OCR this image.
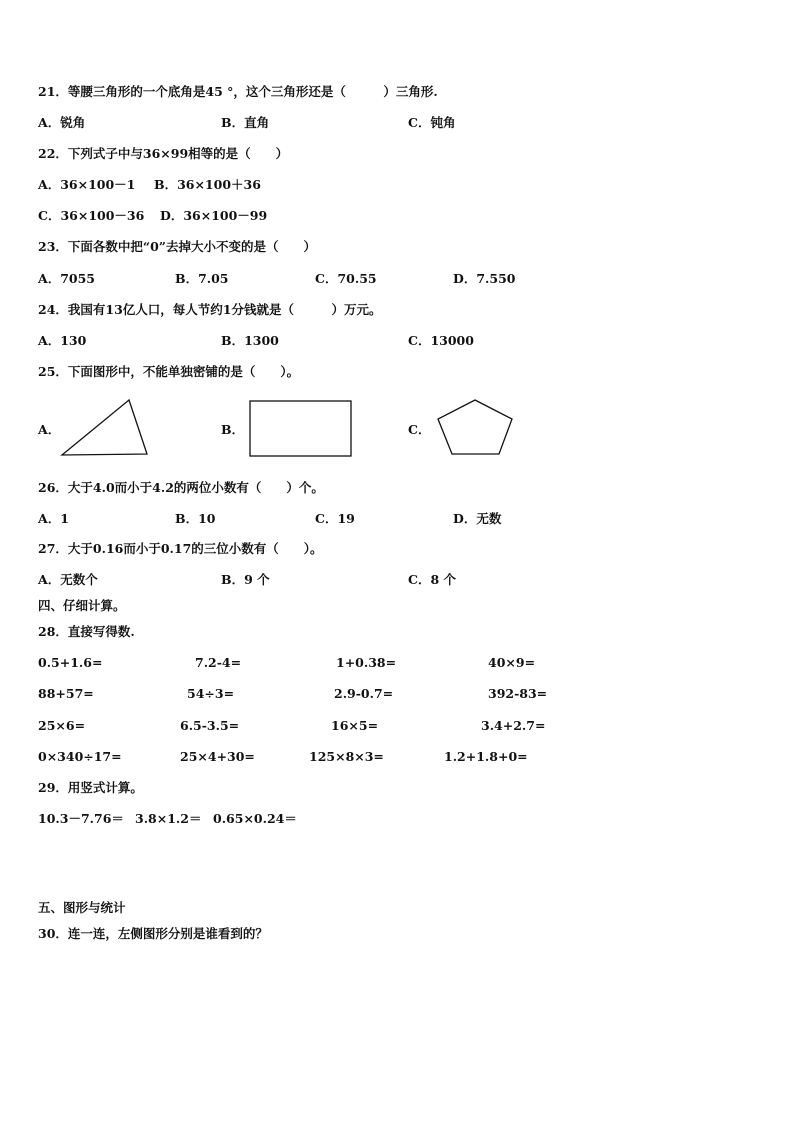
21．等腰三角形的一个底角是45 °，这个三角形还是（　　　）三角形.
A．锐角	B．直角	C．钝角
22．下列式子中与36×99相等的是（　　）
A．36×100－1 B．36×100＋36
C．36×100－36 D．36×100－99
23．下面各数中把“0”去掉大小不变的是（　　）
A．7055	B．7.05	C．70.55	D．7.550
24．我国有13亿人口，每人节约1分钱就是（　　　）万元。
A．130	B．1300	C．13000
25．下面图形中，不能单独密铺的是（　　）。
A．	B．	C．
26．大于4.0而小于4.2的两位小数有（　　）个。
A．1	B．10	C．19	D．无数
27．大于0.16而小于0.17的三位小数有（　　）。
A．无数个	B．9 个	C．8 个
四、仔细计算。
28．直接写得数.
0.5+1.6=	7.2-4=	1+0.38=	40×9=
88+57=	54÷3=	2.9-0.7=	392-83=
25×6=	6.5-3.5=	16×5=	3.4+2.7=
0×340÷17=	25×4+30=	125×8×3=	1.2+1.8+0=
29．用竖式计算。
10.3－7.76＝ 3.8×1.2＝ 0.65×0.24＝
五、图形与统计
30．连一连，左侧图形分别是谁看到的？
